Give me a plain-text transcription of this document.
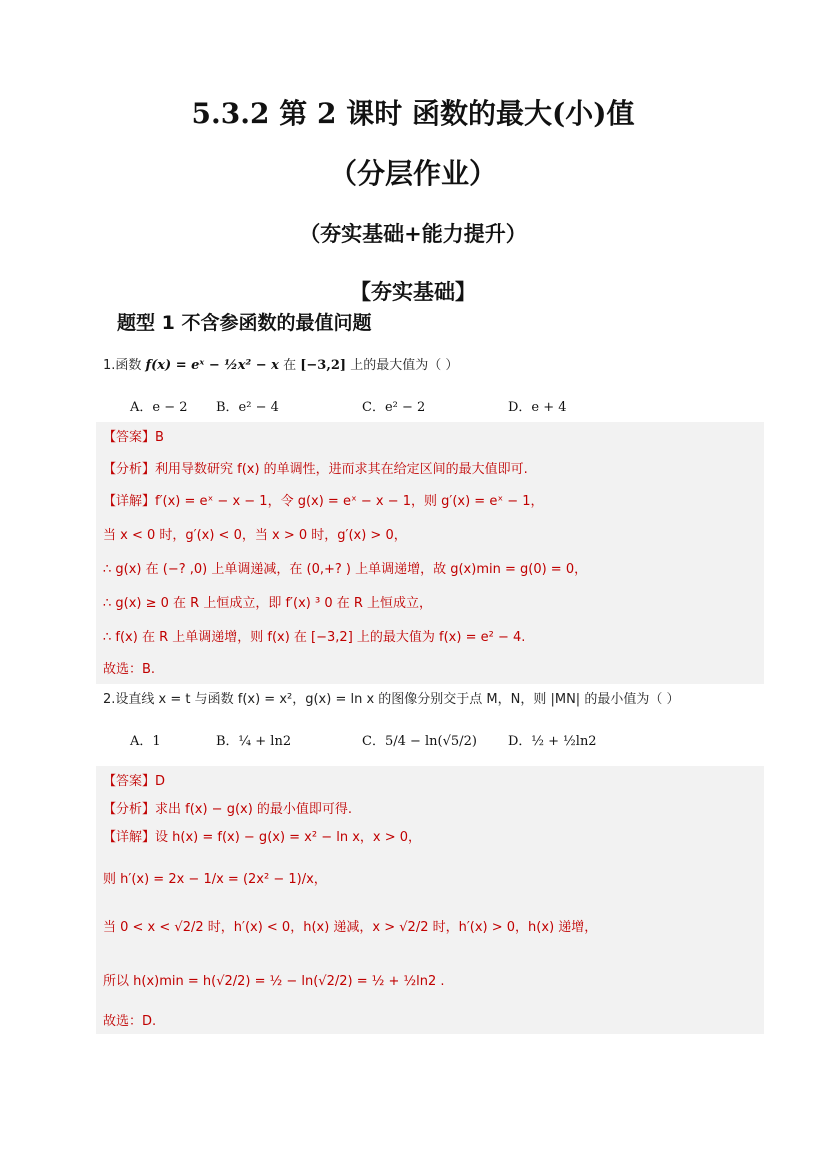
5.3.2 第 2 课时 函数的最大(小)值
（分层作业）
（夯实基础+能力提升）
【夯实基础】
题型 1 不含参函数的最值问题
1.函数 f(x) = eˣ − ½x² − x 在 [−3,2] 上的最大值为（ ）
A．e − 2 B．e² − 4	C．e² − 2	D．e + 4
【答案】B
【分析】利用导数研究 f(x) 的单调性，进而求其在给定区间的最大值即可.
【详解】f′(x) = eˣ − x − 1，令 g(x) = eˣ − x − 1，则 g′(x) = eˣ − 1，
当 x < 0 时，g′(x) < 0，当 x > 0 时，g′(x) > 0，
∴ g(x) 在 (−? ,0) 上单调递减，在 (0,+? ) 上单调递增，故 g(x)min = g(0) = 0，
∴ g(x) ≥ 0 在 R 上恒成立，即 f′(x) ³ 0 在 R 上恒成立，
∴ f(x) 在 R 上单调递增，则 f(x) 在 [−3,2] 上的最大值为 f(x) = e² − 4.
故选：B.
2.设直线 x = t 与函数 f(x) = x²，g(x) = ln x 的图像分别交于点 M，N，则 |MN| 的最小值为（ ）
A．1	B．¼ + ln2	C．5/4 − ln(√5/2) D．½ + ½ln2
【答案】D
【分析】求出 f(x) − g(x) 的最小值即可得.
【详解】设 h(x) = f(x) − g(x) = x² − ln x，x > 0，
则 h′(x) = 2x − 1/x = (2x² − 1)/x，
当 0 < x < √2/2 时，h′(x) < 0，h(x) 递减，x > √2/2 时，h′(x) > 0，h(x) 递增，
所以 h(x)min = h(√2/2) = ½ − ln(√2/2) = ½ + ½ln2 .
故选：D.
